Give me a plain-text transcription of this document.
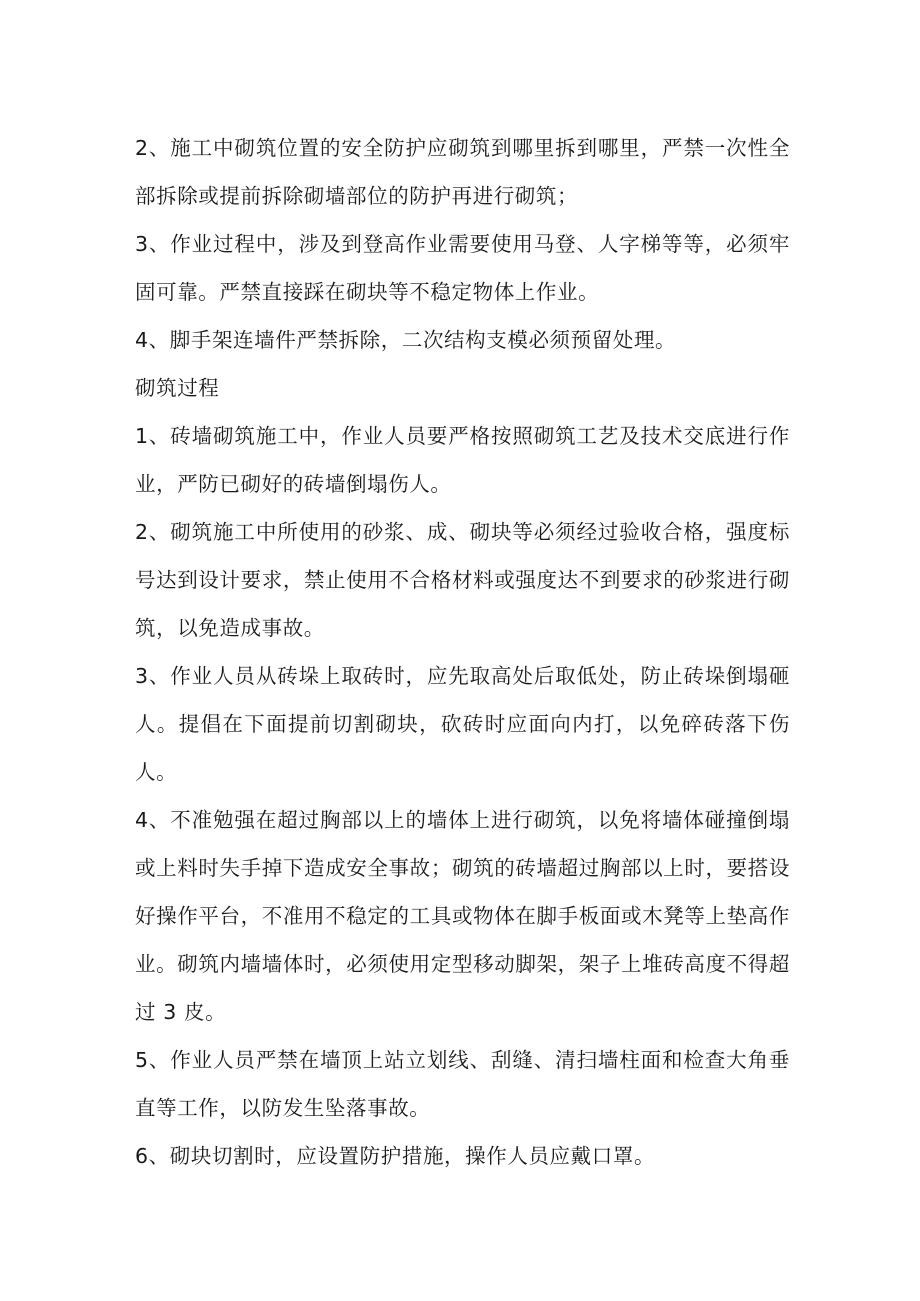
2、施工中砌筑位置的安全防护应砌筑到哪里拆到哪里，严禁一次性全部拆除或提前拆除砌墙部位的防护再进行砌筑；

3、作业过程中，涉及到登高作业需要使用马登、人字梯等等，必须牢固可靠。严禁直接踩在砌块等不稳定物体上作业。

4、脚手架连墙件严禁拆除，二次结构支模必须预留处理。

砌筑过程

1、砖墙砌筑施工中，作业人员要严格按照砌筑工艺及技术交底进行作业，严防已砌好的砖墙倒塌伤人。

2、砌筑施工中所使用的砂浆、成、砌块等必须经过验收合格，强度标号达到设计要求，禁止使用不合格材料或强度达不到要求的砂浆进行砌筑，以免造成事故。

3、作业人员从砖垛上取砖时，应先取高处后取低处，防止砖垛倒塌砸人。提倡在下面提前切割砌块，砍砖时应面向内打，以免碎砖落下伤人。

4、不准勉强在超过胸部以上的墙体上进行砌筑，以免将墙体碰撞倒塌或上料时失手掉下造成安全事故；砌筑的砖墙超过胸部以上时，要搭设好操作平台，不准用不稳定的工具或物体在脚手板面或木凳等上垫高作业。砌筑内墙墙体时，必须使用定型移动脚架，架子上堆砖高度不得超过 3 皮。

5、作业人员严禁在墙顶上站立划线、刮缝、清扫墙柱面和检查大角垂直等工作，以防发生坠落事故。

6、砌块切割时，应设置防护措施，操作人员应戴口罩。
